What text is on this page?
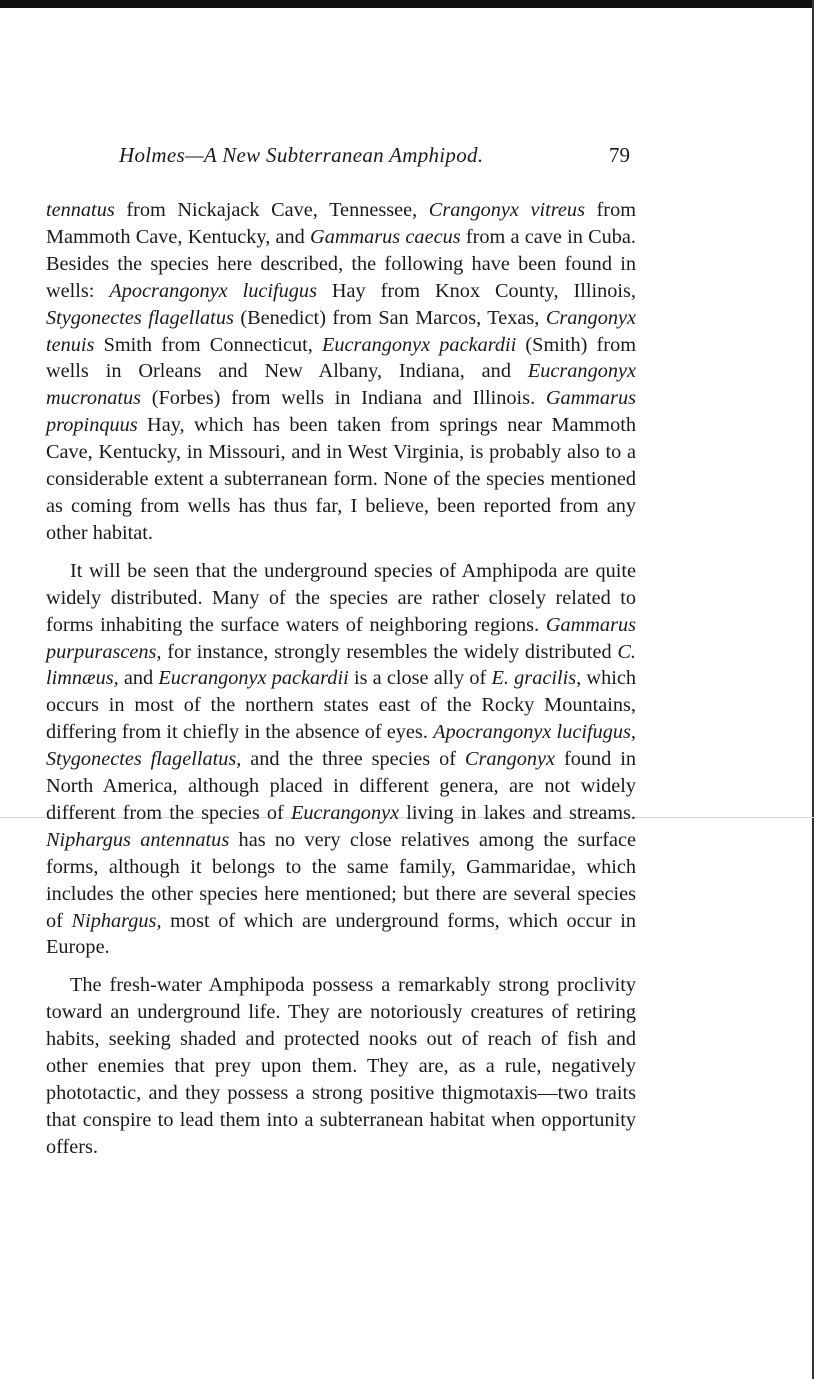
Holmes—A New Subterranean Amphipod.	79

tennatus from Nickajack Cave, Tennessee, Crangonyx vitreus from Mammoth Cave, Kentucky, and Gammarus caecus from a cave in Cuba. Besides the species here described, the following have been found in wells: Apocrangonyx lucifugus Hay from Knox County, Illinois, Stygonectes flagellatus (Benedict) from San Marcos, Texas, Crangonyx tenuis Smith from Connecticut, Eucrangonyx packardii (Smith) from wells in Orleans and New Albany, Indiana, and Eucrangonyx mucronatus (Forbes) from wells in Indiana and Illinois. Gammarus propinquus Hay, which has been taken from springs near Mammoth Cave, Kentucky, in Missouri, and in West Virginia, is probably also to a considerable extent a subterranean form. None of the species mentioned as coming from wells has thus far, I believe, been reported from any other habitat.

It will be seen that the underground species of Amphipoda are quite widely distributed. Many of the species are rather closely related to forms inhabiting the surface waters of neighboring regions. Gammarus purpurascens, for instance, strongly resembles the widely distributed C. limnæus, and Eucrangonyx packardii is a close ally of E. gracilis, which occurs in most of the northern states east of the Rocky Mountains, differing from it chiefly in the absence of eyes. Apocrangonyx lucifugus, Stygonectes flagellatus, and the three species of Crangonyx found in North America, although placed in different genera, are not widely different from the species of Eucrangonyx living in lakes and streams. Niphargus antennatus has no very close relatives among the surface forms, although it belongs to the same family, Gammaridae, which includes the other species here mentioned; but there are several species of Niphargus, most of which are underground forms, which occur in Europe.

The fresh-water Amphipoda possess a remarkably strong proclivity toward an underground life. They are notoriously creatures of retiring habits, seeking shaded and protected nooks out of reach of fish and other enemies that prey upon them. They are, as a rule, negatively phototactic, and they possess a strong positive thigmotaxis—two traits that conspire to lead them into a subterranean habitat when opportunity offers.
